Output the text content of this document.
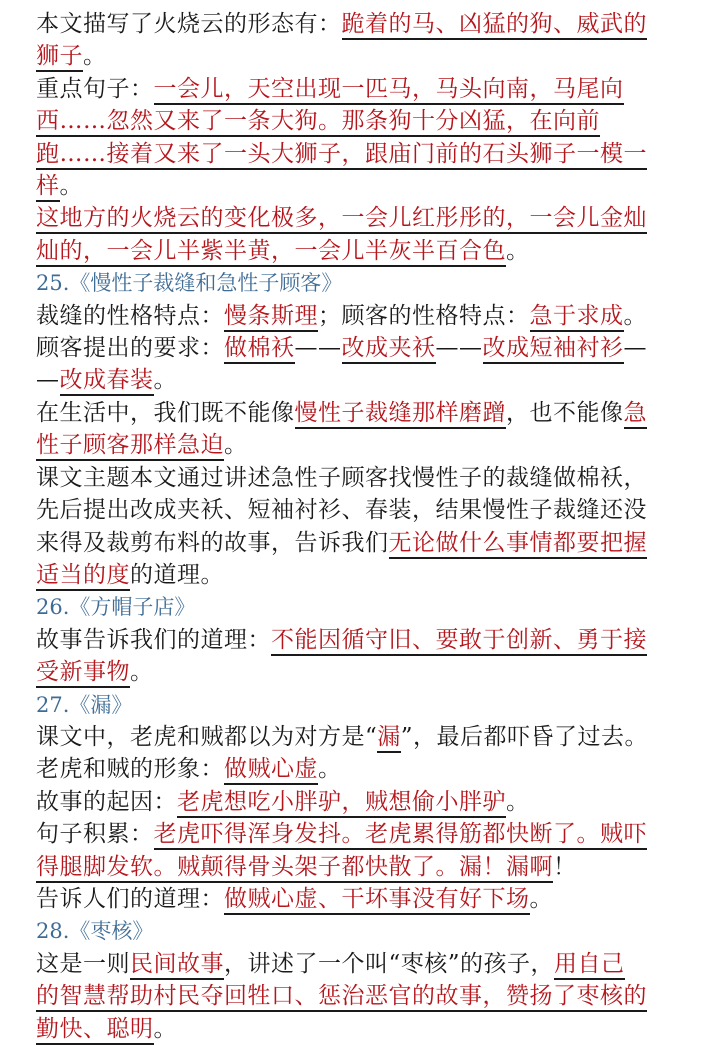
本文描写了火烧云的形态有：跪着的马、凶猛的狗、威武的

狮子。

重点句子：一会儿，天空出现一匹马，马头向南，马尾向

西……忽然又来了一条大狗。那条狗十分凶猛，在向前

跑……接着又来了一头大狮子，跟庙门前的石头狮子一模一

样。

这地方的火烧云的变化极多，一会儿红彤彤的，一会儿金灿

灿的，一会儿半紫半黄，一会儿半灰半百合色。

25.《慢性子裁缝和急性子顾客》

裁缝的性格特点：慢条斯理；顾客的性格特点：急于求成。

顾客提出的要求：做棉袄——改成夹袄——改成短袖衬衫—

—改成春装。

在生活中，我们既不能像慢性子裁缝那样磨蹭，也不能像急

性子顾客那样急迫。

课文主题本文通过讲述急性子顾客找慢性子的裁缝做棉袄，

先后提出改成夹袄、短袖衬衫、春装，结果慢性子裁缝还没

来得及裁剪布料的故事，告诉我们无论做什么事情都要把握

适当的度的道理。

26.《方帽子店》

故事告诉我们的道理：不能因循守旧、要敢于创新、勇于接

受新事物。

27.《漏》

课文中，老虎和贼都以为对方是“漏”，最后都吓昏了过去。

老虎和贼的形象：做贼心虚。

故事的起因：老虎想吃小胖驴，贼想偷小胖驴。

句子积累：老虎吓得浑身发抖。老虎累得筋都快断了。贼吓

得腿脚发软。贼颠得骨头架子都快散了。漏！漏啊！

告诉人们的道理：做贼心虚、干坏事没有好下场。

28.《枣核》

这是一则民间故事，讲述了一个叫“枣核”的孩子，用自己

的智慧帮助村民夺回牲口、惩治恶官的故事，赞扬了枣核的

勤快、聪明。
